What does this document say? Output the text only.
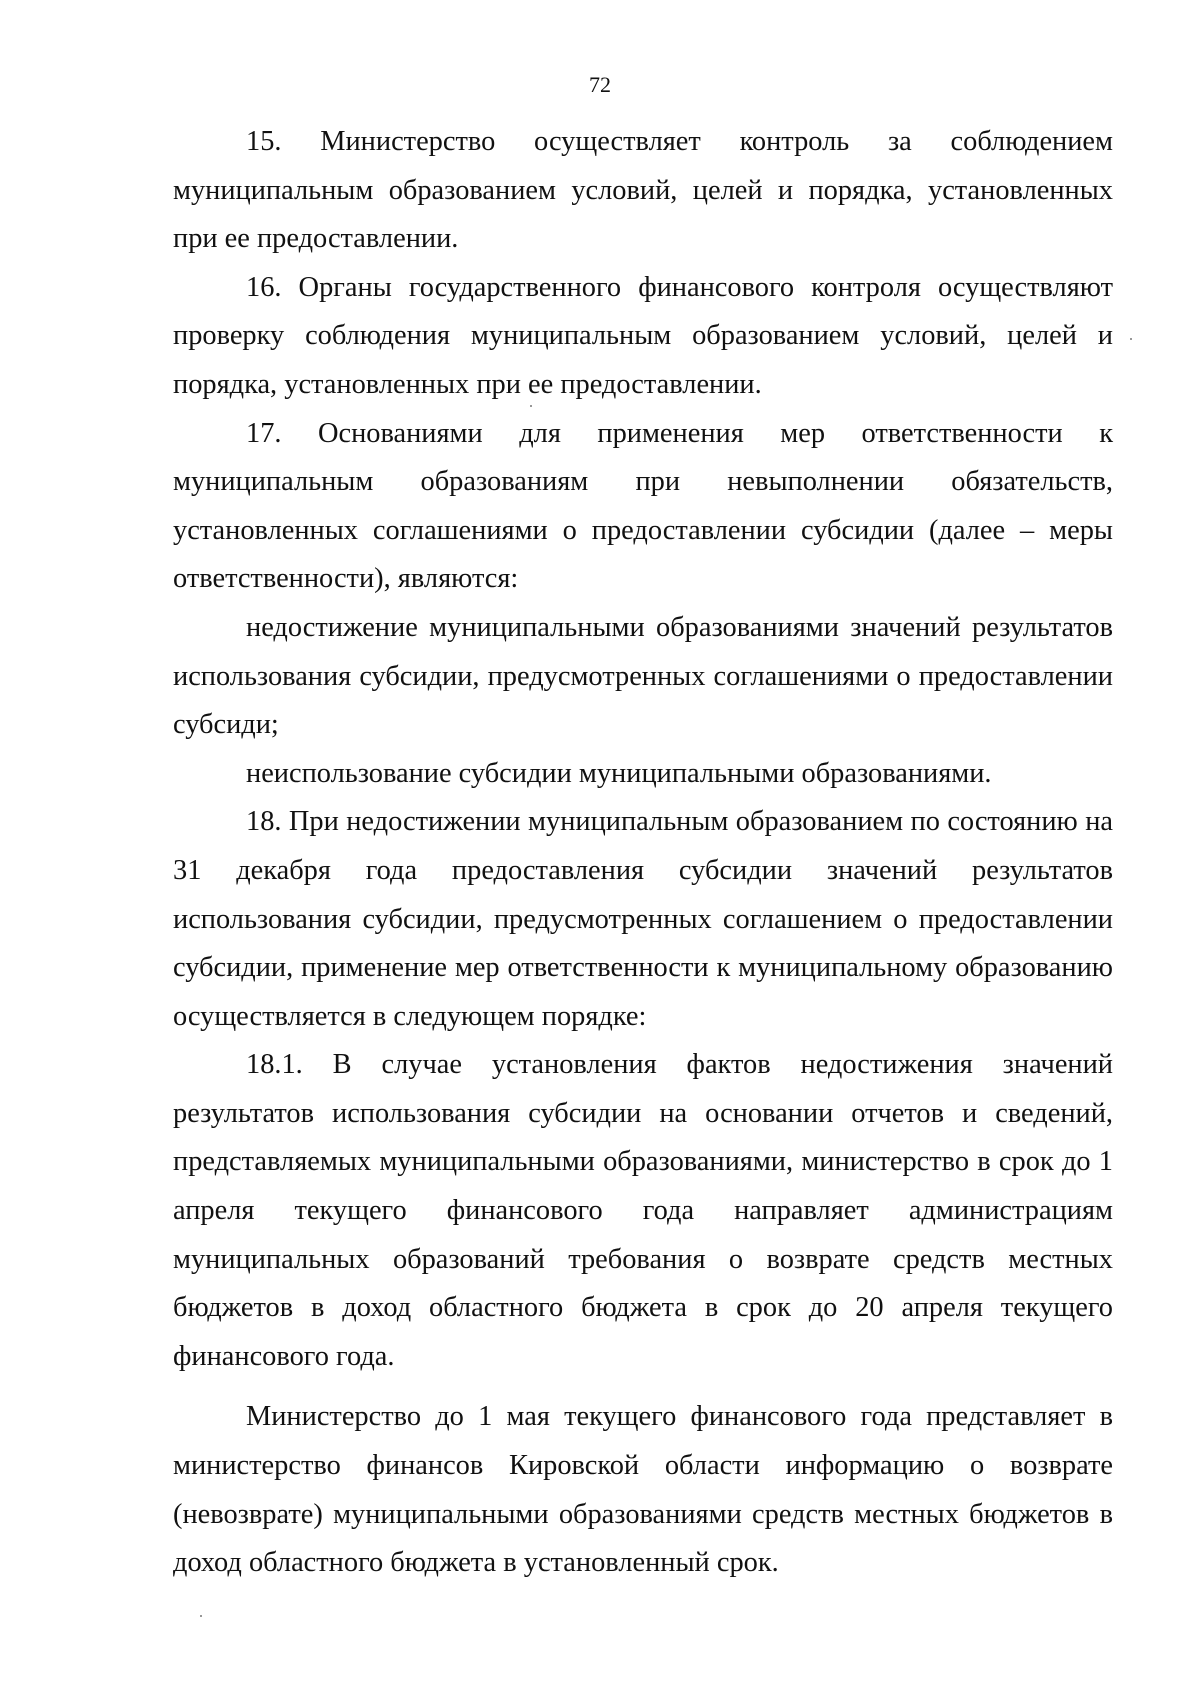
72

15. Министерство осуществляет контроль за соблюдением муниципальным образованием условий, целей и порядка, установленных при ее предоставлении.

16. Органы государственного финансового контроля осуществляют проверку соблюдения муниципальным образованием условий, целей и порядка, установленных при ее предоставлении.

17. Основаниями для применения мер ответственности к муниципальным образованиям при невыполнении обязательств, установленных соглашениями о предоставлении субсидии (далее – меры ответственности), являются:

недостижение муниципальными образованиями значений результатов использования субсидии, предусмотренных соглашениями о предоставлении субсиди;

неиспользование субсидии муниципальными образованиями.

18. При недостижении муниципальным образованием по состоянию на 31 декабря года предоставления субсидии значений результатов использования субсидии, предусмотренных соглашением о предоставлении субсидии, применение мер ответственности к муниципальному образованию осуществляется в следующем порядке:

18.1. В случае установления фактов недостижения значений результатов использования субсидии на основании отчетов и сведений, представляемых муниципальными образованиями, министерство в срок до 1 апреля текущего финансового года направляет администрациям муниципальных образований требования о возврате средств местных бюджетов в доход областного бюджета в срок до 20 апреля текущего финансового года.

Министерство до 1 мая текущего финансового года представляет в министерство финансов Кировской области информацию о возврате (невозврате) муниципальными образованиями средств местных бюджетов в доход областного бюджета в установленный срок.
